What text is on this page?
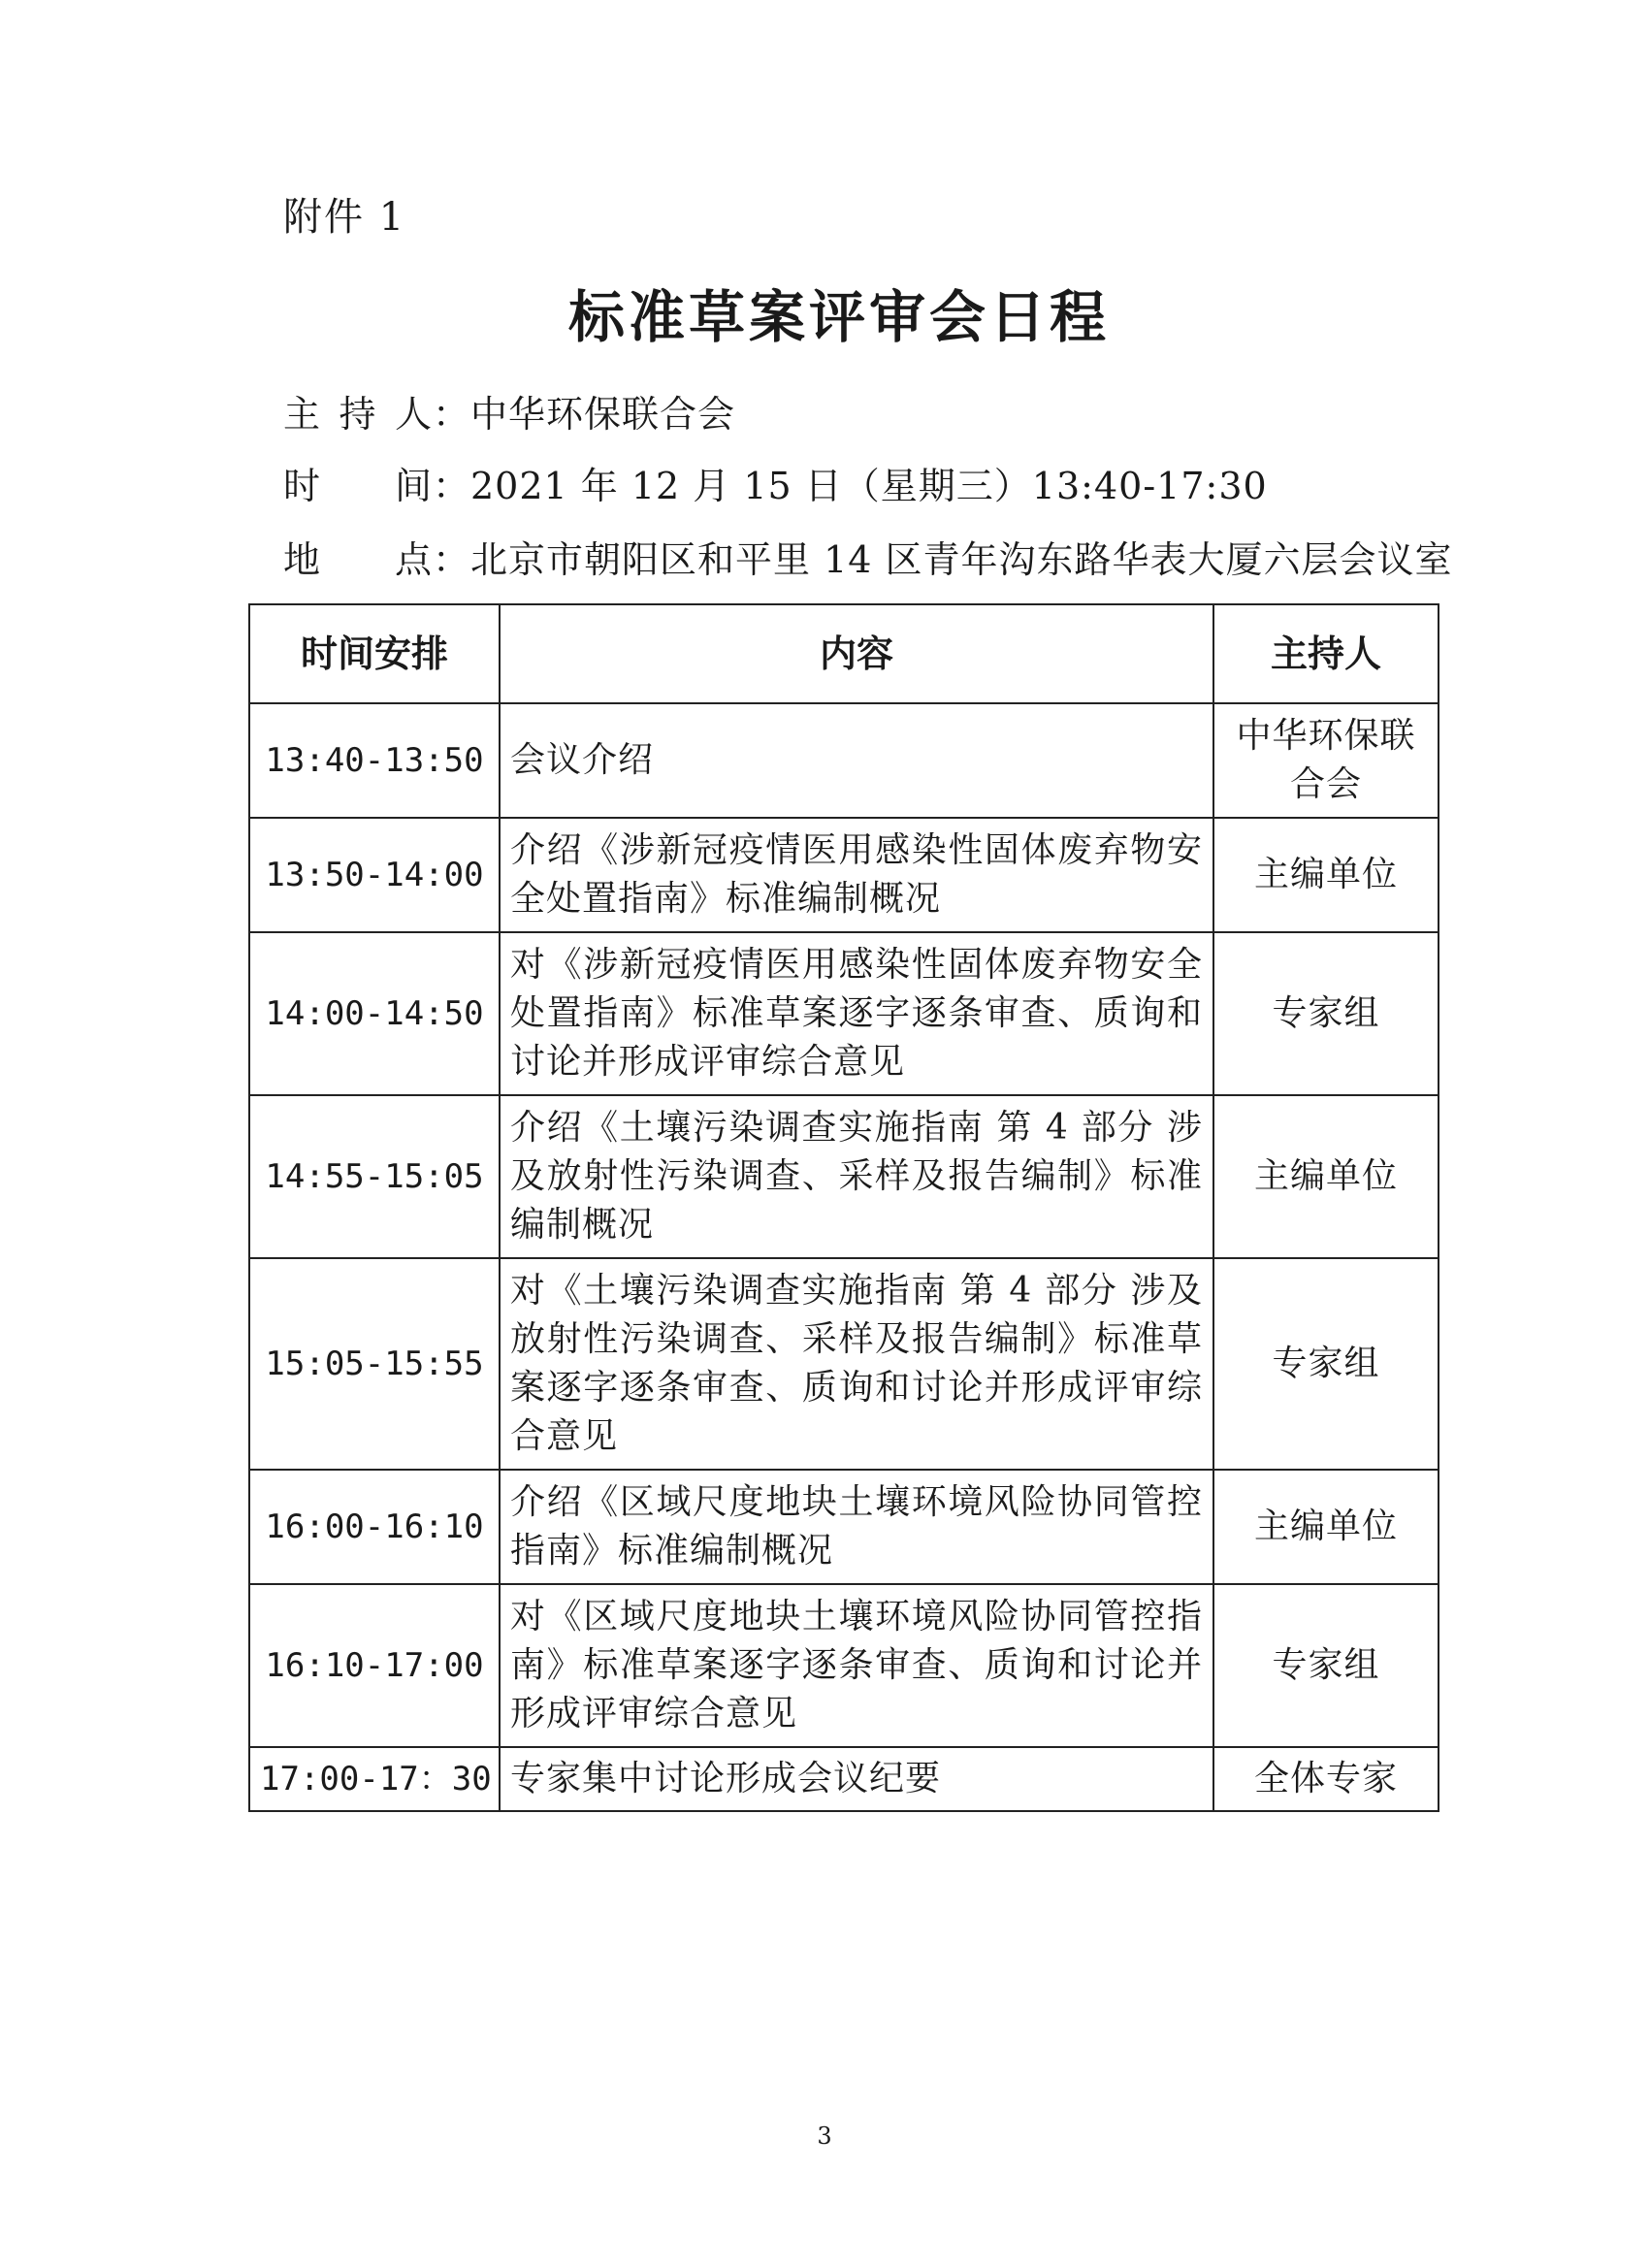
附件 1
标准草案评审会日程
主持人：中华环保联合会
时 间：2021 年 12 月 15 日（星期三）13:40-17:30
地 点：北京市朝阳区和平里 14 区青年沟东路华表大厦六层会议室
时间安排	内容	主持人
13:40-13:50	会议介绍	中华环保联合会
13:50-14:00	介绍《涉新冠疫情医用感染性固体废弃物安全处置指南》标准编制概况	主编单位
14:00-14:50	对《涉新冠疫情医用感染性固体废弃物安全处置指南》标准草案逐字逐条审查、质询和讨论并形成评审综合意见	专家组
14:55-15:05	介绍《土壤污染调查实施指南 第 4 部分 涉及放射性污染调查、采样及报告编制》标准编制概况	主编单位
15:05-15:55	对《土壤污染调查实施指南 第 4 部分 涉及放射性污染调查、采样及报告编制》标准草案逐字逐条审查、质询和讨论并形成评审综合意见	专家组
16:00-16:10	介绍《区域尺度地块土壤环境风险协同管控指南》标准编制概况	主编单位
16:10-17:00	对《区域尺度地块土壤环境风险协同管控指南》标准草案逐字逐条审查、质询和讨论并形成评审综合意见	专家组
17:00-17：30	专家集中讨论形成会议纪要	全体专家
3
